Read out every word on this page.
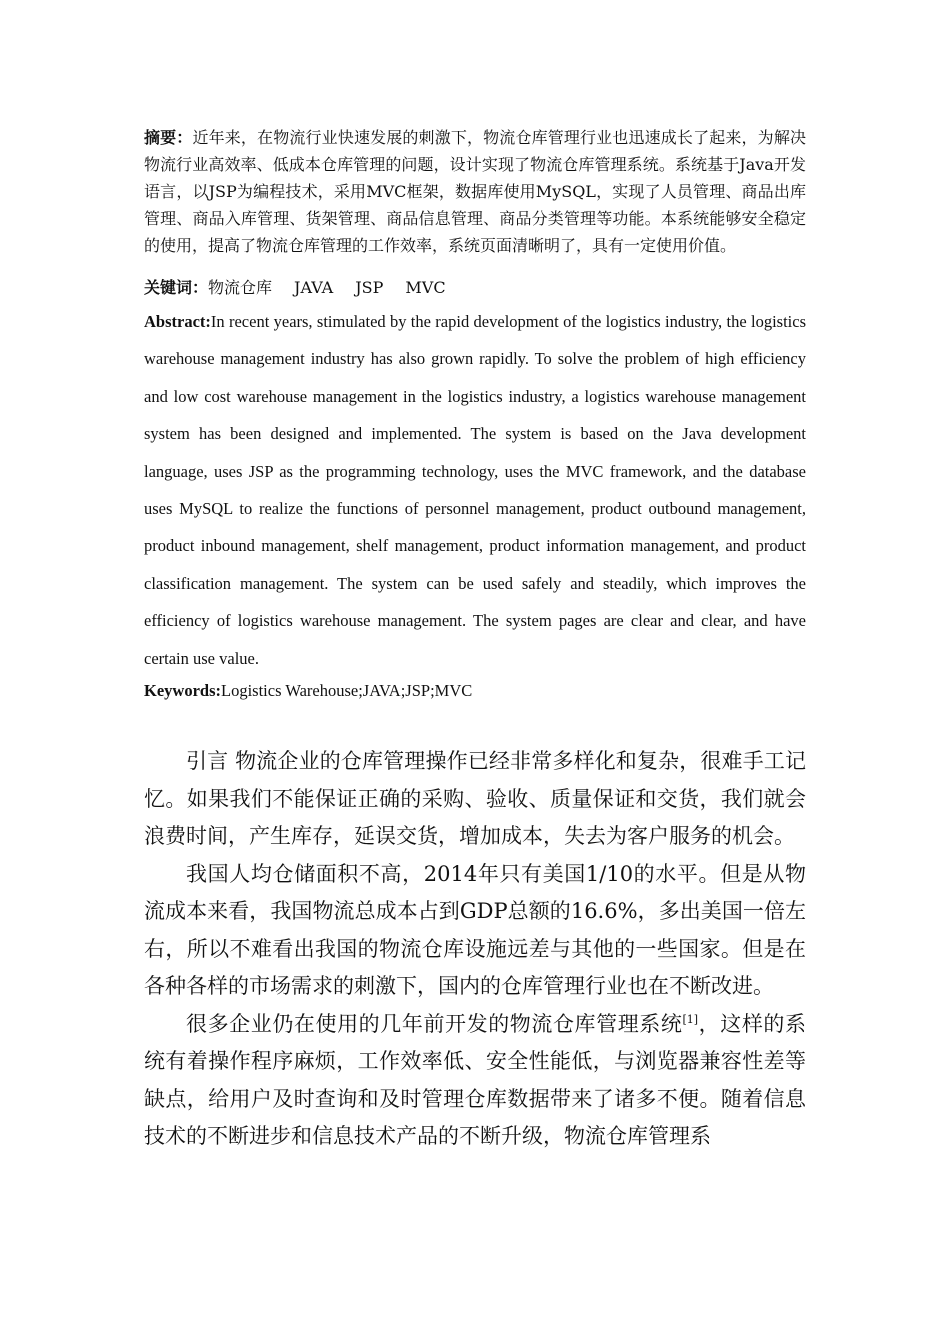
摘要：近年来，在物流行业快速发展的刺激下，物流仓库管理行业也迅速成长了起来，为解决物流行业高效率、低成本仓库管理的问题，设计实现了物流仓库管理系统。系统基于Java开发语言，以JSP为编程技术，采用MVC框架，数据库使用MySQL，实现了人员管理、商品出库管理、商品入库管理、货架管理、商品信息管理、商品分类管理等功能。本系统能够安全稳定的使用，提高了物流仓库管理的工作效率，系统页面清晰明了，具有一定使用价值。
关键词：物流仓库 JAVA JSP MVC
Abstract:In recent years, stimulated by the rapid development of the logistics industry, the logistics warehouse management industry has also grown rapidly. To solve the problem of high efficiency and low cost warehouse management in the logistics industry, a logistics warehouse management system has been designed and implemented. The system is based on the Java development language, uses JSP as the programming technology, uses the MVC framework, and the database uses MySQL to realize the functions of personnel management, product outbound management, product inbound management, shelf management, product information management, and product classification management. The system can be used safely and steadily, which improves the efficiency of logistics warehouse management. The system pages are clear and clear, and have certain use value.
Keywords:Logistics Warehouse;JAVA;JSP;MVC

引言 物流企业的仓库管理操作已经非常多样化和复杂，很难手工记忆。如果我们不能保证正确的采购、验收、质量保证和交货，我们就会浪费时间，产生库存，延误交货，增加成本，失去为客户服务的机会。

我国人均仓储面积不高，2014年只有美国1/10的水平。但是从物流成本来看，我国物流总成本占到GDP总额的16.6%，多出美国一倍左右，所以不难看出我国的物流仓库设施远差与其他的一些国家。但是在各种各样的市场需求的刺激下，国内的仓库管理行业也在不断改进。

很多企业仍在使用的几年前开发的物流仓库管理系统[1]，这样的系统有着操作程序麻烦，工作效率低、安全性能低，与浏览器兼容性差等缺点，给用户及时查询和及时管理仓库数据带来了诸多不便。随着信息技术的不断进步和信息技术产品的不断升级，物流仓库管理系
